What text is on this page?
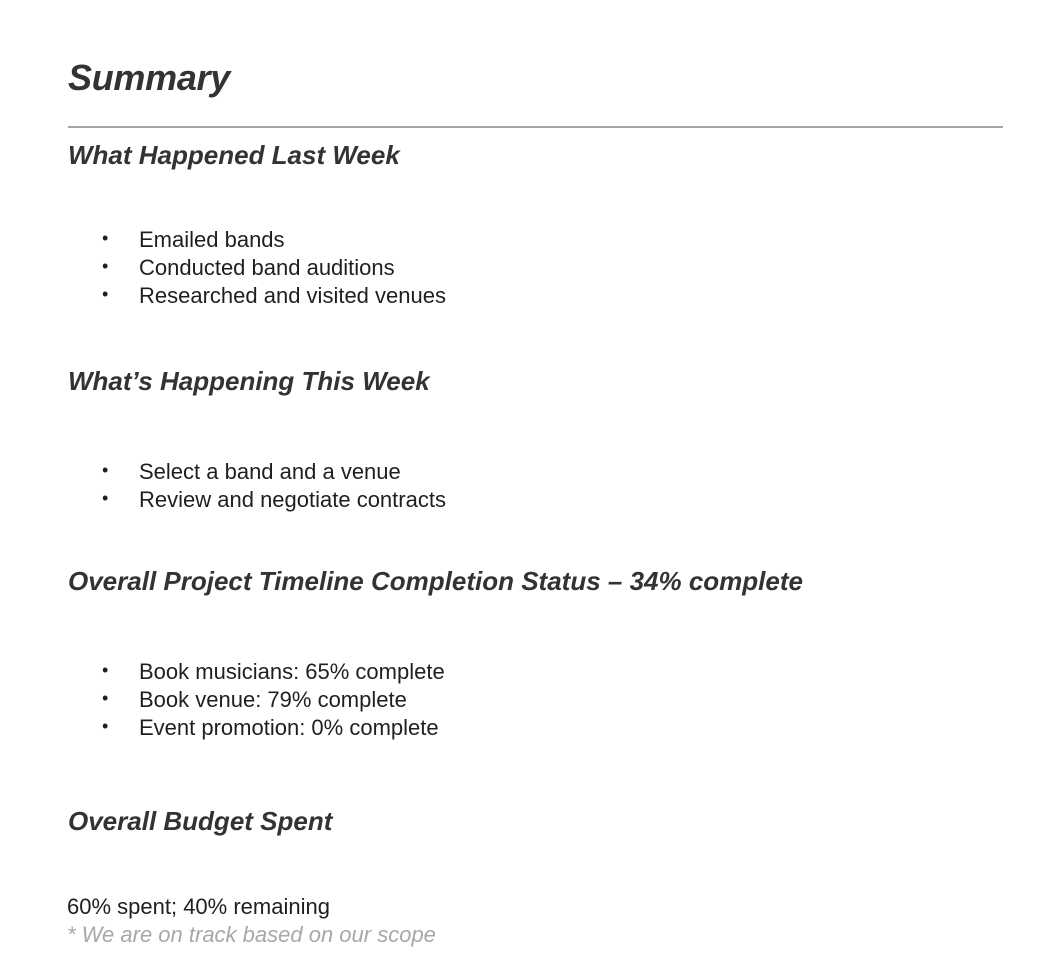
Summary
What Happened Last Week
• Emailed bands
• Conducted band auditions
• Researched and visited venues
What’s Happening This Week
• Select a band and a venue
• Review and negotiate contracts
Overall Project Timeline Completion Status – 34% complete
• Book musicians: 65% complete
• Book venue: 79% complete
• Event promotion: 0% complete
Overall Budget Spent

60% spent; 40% remaining

* We are on track based on our scope
